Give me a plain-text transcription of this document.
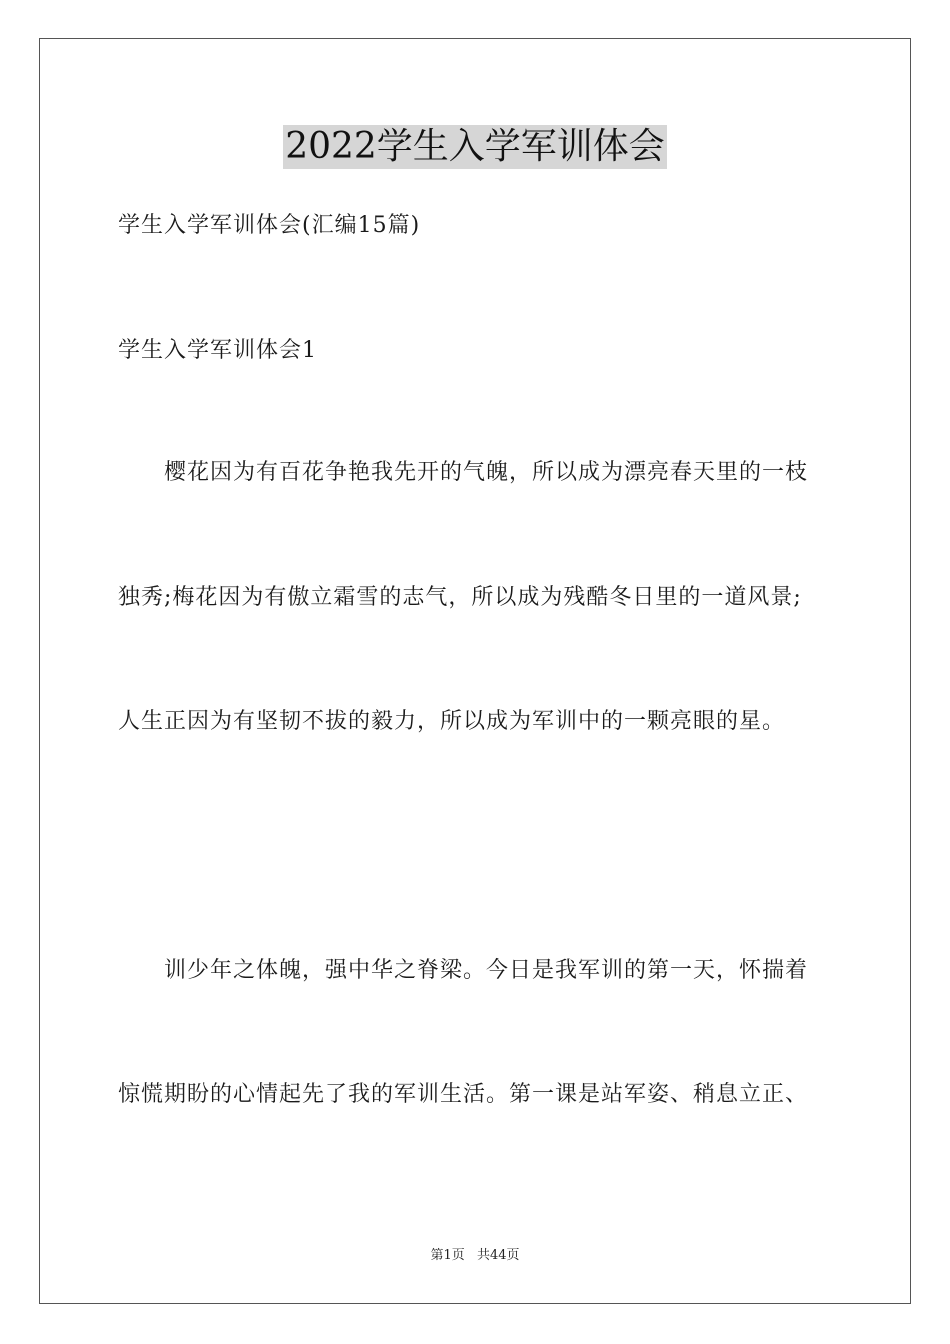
2022学生入学军训体会
学生入学军训体会(汇编15篇)
学生入学军训体会1
樱花因为有百花争艳我先开的气魄，所以成为漂亮春天里的一枝
独秀;梅花因为有傲立霜雪的志气，所以成为残酷冬日里的一道风景;
人生正因为有坚韧不拔的毅力，所以成为军训中的一颗亮眼的星。
训少年之体魄，强中华之脊梁。今日是我军训的第一天，怀揣着
惊慌期盼的心情起先了我的军训生活。第一课是站军姿、稍息立正、
第1页 共44页
